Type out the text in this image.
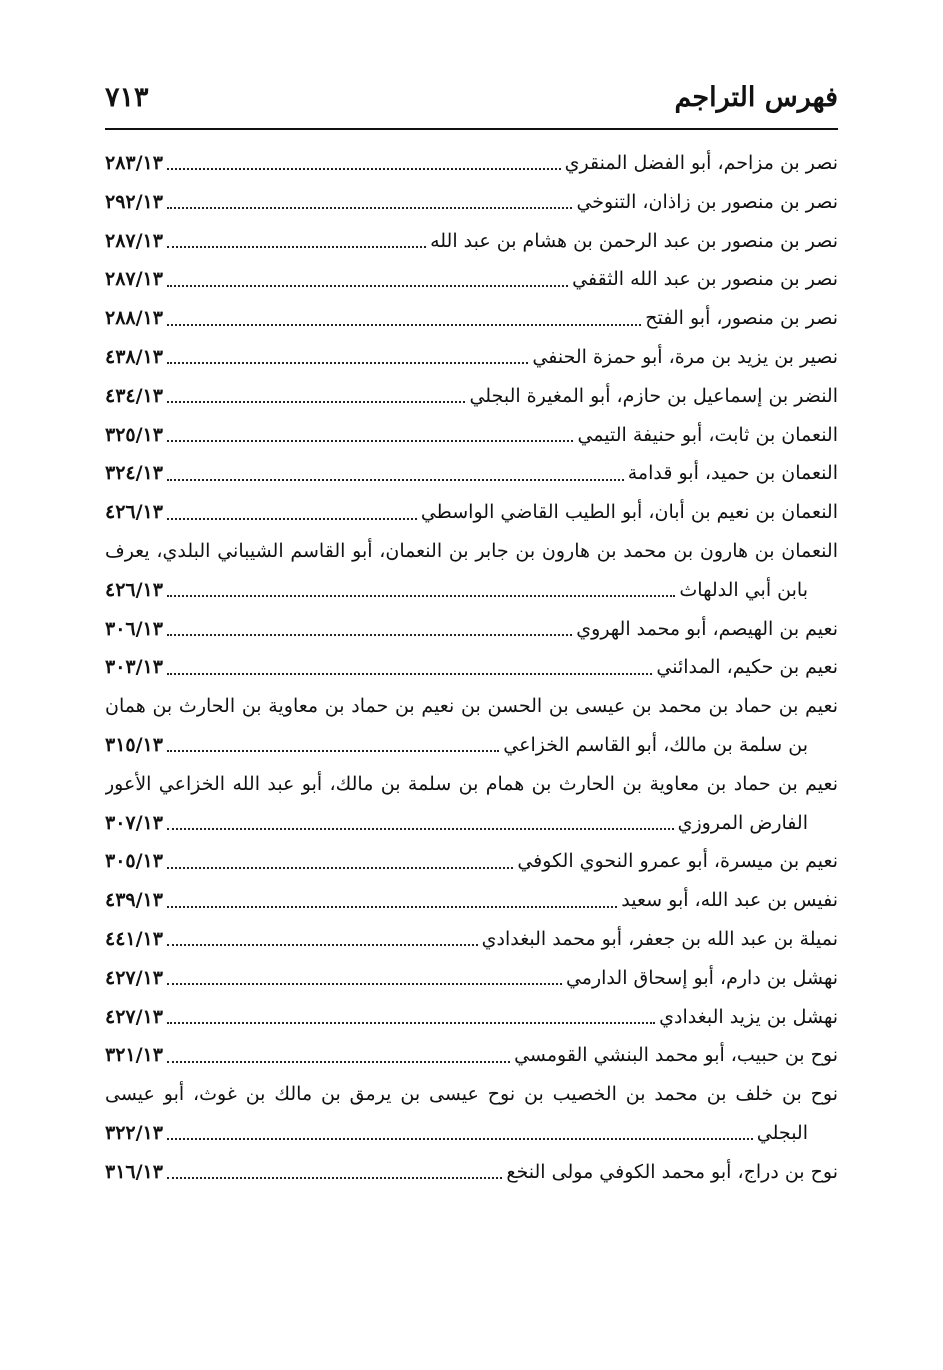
فهرس التراجم
٧١٣
نصر بن مزاحم، أبو الفضل المنقري
٢٨٣/١٣
نصر بن منصور بن زاذان، التنوخي
٢٩٢/١٣
نصر بن منصور بن عبد الرحمن بن هشام بن عبد الله
٢٨٧/١٣
نصر بن منصور بن عبد الله الثقفي
٢٨٧/١٣
نصر بن منصور، أبو الفتح
٢٨٨/١٣
نصير بن يزيد بن مرة، أبو حمزة الحنفي
٤٣٨/١٣
النضر بن إسماعيل بن حازم، أبو المغيرة البجلي
٤٣٤/١٣
النعمان بن ثابت، أبو حنيفة التيمي
٣٢٥/١٣
النعمان بن حميد، أبو قدامة
٣٢٤/١٣
النعمان بن نعيم بن أبان، أبو الطيب القاضي الواسطي
٤٢٦/١٣
النعمان بن هارون بن محمد بن هارون بن جابر بن النعمان، أبو القاسم الشيباني البلدي، يعرف
بابن أبي الدلهاث
٤٢٦/١٣
نعيم بن الهيصم، أبو محمد الهروي
٣٠٦/١٣
نعيم بن حكيم، المدائني
٣٠٣/١٣
نعيم بن حماد بن محمد بن عيسى بن الحسن بن نعيم بن حماد بن معاوية بن الحارث بن همان
بن سلمة بن مالك، أبو القاسم الخزاعي
٣١٥/١٣
نعيم بن حماد بن معاوية بن الحارث بن همام بن سلمة بن مالك، أبو عبد الله الخزاعي الأعور
الفارض المروزي
٣٠٧/١٣
نعيم بن ميسرة، أبو عمرو النحوي الكوفي
٣٠٥/١٣
نفيس بن عبد الله، أبو سعيد
٤٣٩/١٣
نميلة بن عبد الله بن جعفر، أبو محمد البغدادي
٤٤١/١٣
نهشل بن دارم، أبو إسحاق الدارمي
٤٢٧/١٣
نهشل بن يزيد البغدادي
٤٢٧/١٣
نوح بن حبيب، أبو محمد البنشي القومسي
٣٢١/١٣
نوح بن خلف بن محمد بن الخصيب بن نوح عيسى بن يرمق بن مالك بن غوث، أبو عيسى
البجلي
٣٢٢/١٣
نوح بن دراج، أبو محمد الكوفي مولى النخع
٣١٦/١٣
